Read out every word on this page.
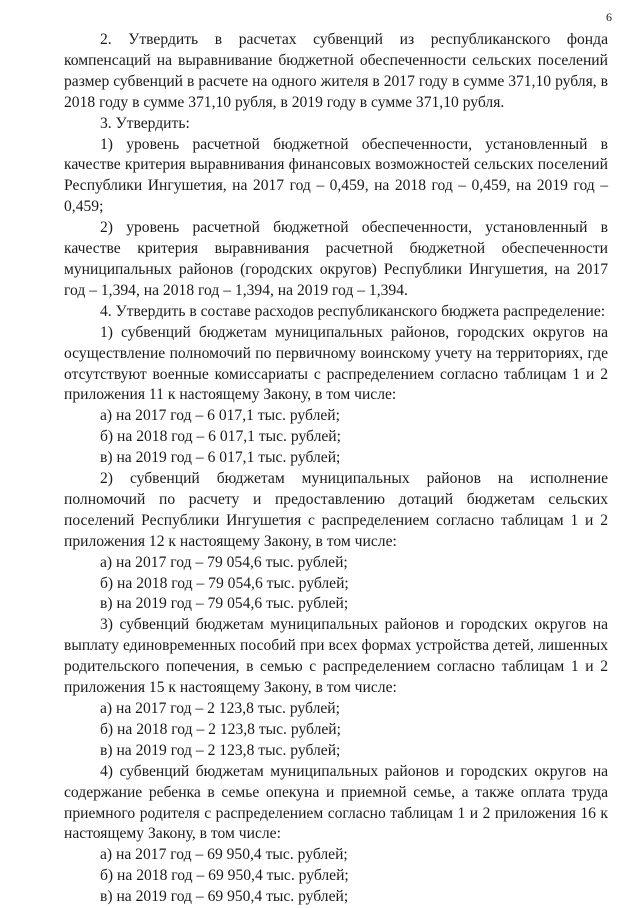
6

2. Утвердить в расчетах субвенций из республиканского фонда компенсаций на выравнивание бюджетной обеспеченности сельских поселений размер субвенций в расчете на одного жителя в 2017 году в сумме 371,10 рубля, в 2018 году в сумме 371,10 рубля, в 2019 году в сумме 371,10 рубля.

3. Утвердить:

1) уровень расчетной бюджетной обеспеченности, установленный в качестве критерия выравнивания финансовых возможностей сельских поселений Республики Ингушетия, на 2017 год – 0,459, на 2018 год – 0,459, на 2019 год – 0,459;

2) уровень расчетной бюджетной обеспеченности, установленный в качестве критерия выравнивания расчетной бюджетной обеспеченности муниципальных районов (городских округов) Республики Ингушетия, на 2017 год – 1,394, на 2018 год – 1,394, на 2019 год – 1,394.

4. Утвердить в составе расходов республиканского бюджета распределение:

1) субвенций бюджетам муниципальных районов, городских округов на осуществление полномочий по первичному воинскому учету на территориях, где отсутствуют военные комиссариаты с распределением согласно таблицам 1 и 2 приложения 11 к настоящему Закону, в том числе:

а) на 2017 год – 6 017,1 тыс. рублей;

б) на 2018 год – 6 017,1 тыс. рублей;

в) на 2019 год – 6 017,1 тыс. рублей;

2) субвенций бюджетам муниципальных районов на исполнение полномочий по расчету и предоставлению дотаций бюджетам сельских поселений Республики Ингушетия с распределением согласно таблицам 1 и 2 приложения 12 к настоящему Закону, в том числе:

а) на 2017 год – 79 054,6 тыс. рублей;

б) на 2018 год – 79 054,6 тыс. рублей;

в) на 2019 год – 79 054,6 тыс. рублей;

3) субвенций бюджетам муниципальных районов и городских округов на выплату единовременных пособий при всех формах устройства детей, лишенных родительского попечения, в семью с распределением согласно таблицам 1 и 2 приложения 15 к настоящему Закону, в том числе:

а) на 2017 год – 2 123,8 тыс. рублей;

б) на 2018 год – 2 123,8 тыс. рублей;

в) на 2019 год – 2 123,8 тыс. рублей;

4) субвенций бюджетам муниципальных районов и городских округов на содержание ребенка в семье опекуна и приемной семье, а также оплата труда приемного родителя с распределением согласно таблицам 1 и 2 приложения 16 к настоящему Закону, в том числе:

а) на 2017 год – 69 950,4 тыс. рублей;

б) на 2018 год – 69 950,4 тыс. рублей;

в) на 2019 год – 69 950,4 тыс. рублей;
